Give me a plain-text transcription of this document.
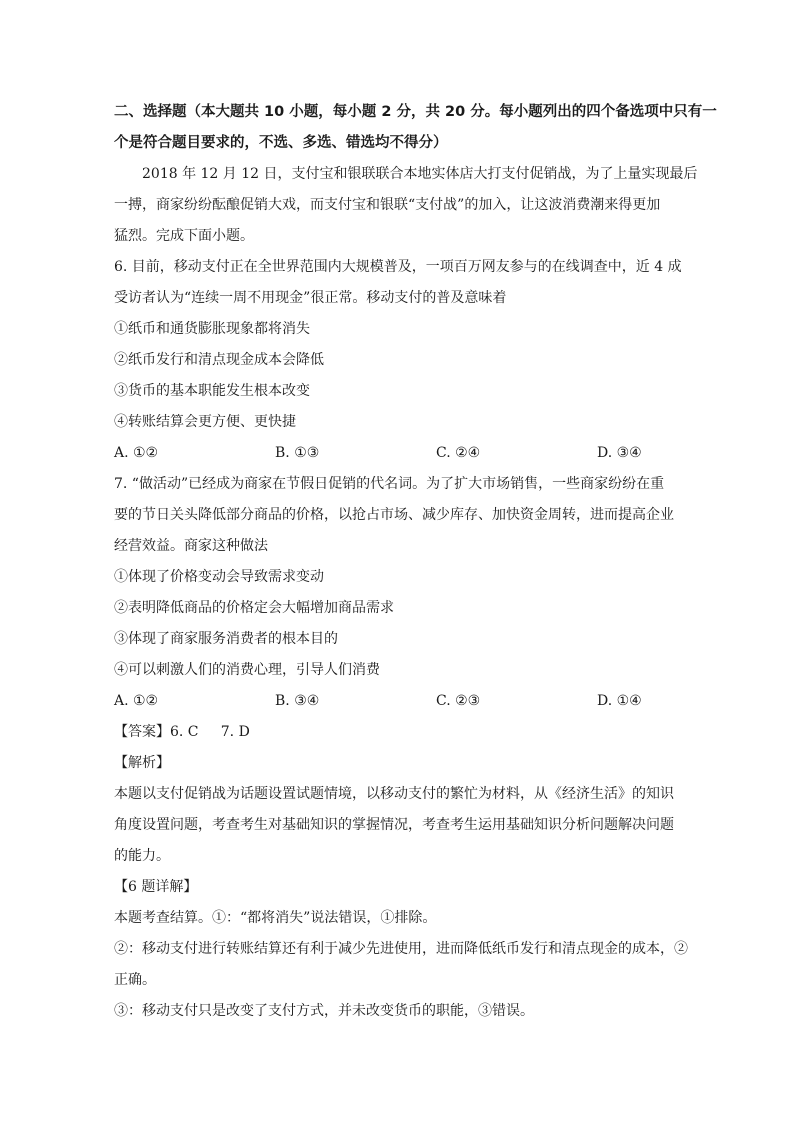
二、选择题（本大题共 10 小题，每小题 2 分，共 20 分。每小题列出的四个备选项中只有一
个是符合题目要求的，不选、多选、错选均不得分）
2018 年 12 月 12 日，支付宝和银联联合本地实体店大打支付促销战，为了上量实现最后
一搏，商家纷纷酝酿促销大戏，而支付宝和银联“支付战”的加入，让这波消费潮来得更加
猛烈。完成下面小题。
6. 目前，移动支付正在全世界范围内大规模普及，一项百万网友参与的在线调查中，近 4 成
受访者认为“连续一周不用现金”很正常。移动支付的普及意味着
①纸币和通货膨胀现象都将消失
②纸币发行和清点现金成本会降低
③货币的基本职能发生根本改变
④转账结算会更方便、更快捷
A. ①②	B. ①③	C. ②④	D. ③④
7. “做活动”已经成为商家在节假日促销的代名词。为了扩大市场销售，一些商家纷纷在重
要的节日关头降低部分商品的价格，以抢占市场、减少库存、加快资金周转，进而提高企业
经营效益。商家这种做法
①体现了价格变动会导致需求变动
②表明降低商品的价格定会大幅增加商品需求
③体现了商家服务消费者的根本目的
④可以刺激人们的消费心理，引导人们消费
A. ①②	B. ③④	C. ②③	D. ①④
【答案】6. C     7. D
【解析】
本题以支付促销战为话题设置试题情境，以移动支付的繁忙为材料，从《经济生活》的知识
角度设置问题，考查考生对基础知识的掌握情况，考查考生运用基础知识分析问题解决问题
的能力。
【6 题详解】
本题考查结算。①：“都将消失”说法错误，①排除。
②：移动支付进行转账结算还有利于减少先进使用，进而降低纸币发行和清点现金的成本，②
正确。
③：移动支付只是改变了支付方式，并未改变货币的职能，③错误。
